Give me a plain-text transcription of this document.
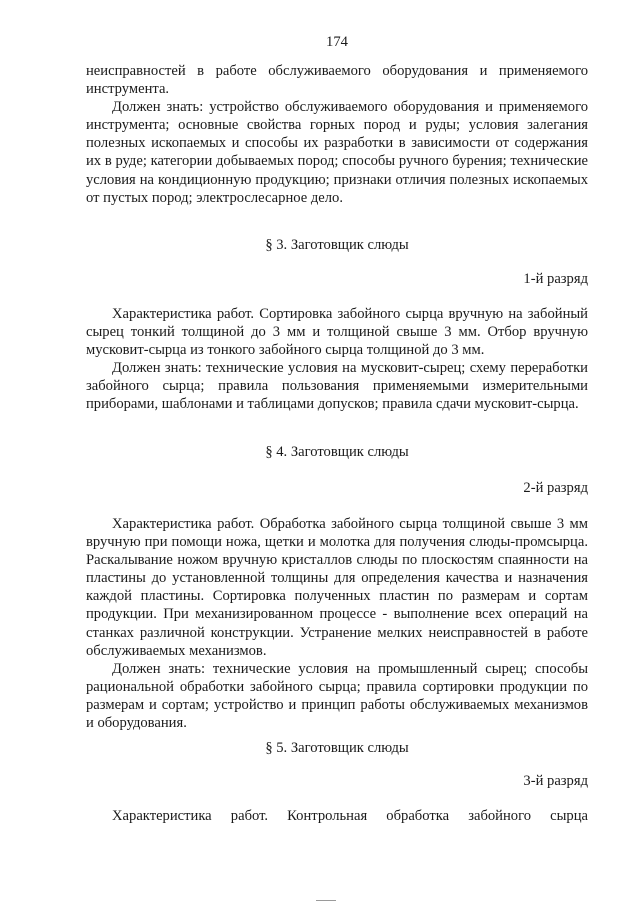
174

неисправностей в работе обслуживаемого оборудования и применяемого инструмента.

Должен знать: устройство обслуживаемого оборудования и применяемого инструмента; основные свойства горных пород и руды; условия залегания полезных ископаемых и способы их разработки в зависимости от содержания их в руде; категории добываемых пород; способы ручного бурения; технические условия на кондиционную продукцию; признаки отличия полезных ископаемых от пустых пород; электрослесарное дело.

§ 3. Заготовщик слюды

1-й разряд

Характеристика работ. Сортировка забойного сырца вручную на забойный сырец тонкий толщиной до 3 мм и толщиной свыше 3 мм. Отбор вручную мусковит-сырца из тонкого забойного сырца толщиной до 3 мм.

Должен знать: технические условия на мусковит-сырец; схему переработки забойного сырца; правила пользования применяемыми измерительными приборами, шаблонами и таблицами допусков; правила сдачи мусковит-сырца.

§ 4. Заготовщик слюды

2-й разряд

Характеристика работ. Обработка забойного сырца толщиной свыше 3 мм вручную при помощи ножа, щетки и молотка для получения слюды-промсырца. Раскалывание ножом вручную кристаллов слюды по плоскостям спаянности на пластины до установленной толщины для определения качества и назначения каждой пластины. Сортировка полученных пластин по размерам и сортам продукции. При механизированном процессе - выполнение всех операций на станках различной конструкции. Устранение мелких неисправностей в работе обслуживаемых механизмов.

Должен знать: технические условия на промышленный сырец; способы рациональной обработки забойного сырца; правила сортировки продукции по размерам и сортам; устройство и принцип работы обслуживаемых механизмов и оборудования.

§ 5. Заготовщик слюды

3-й разряд

Характеристика работ. Контрольная обработка забойного сырца
